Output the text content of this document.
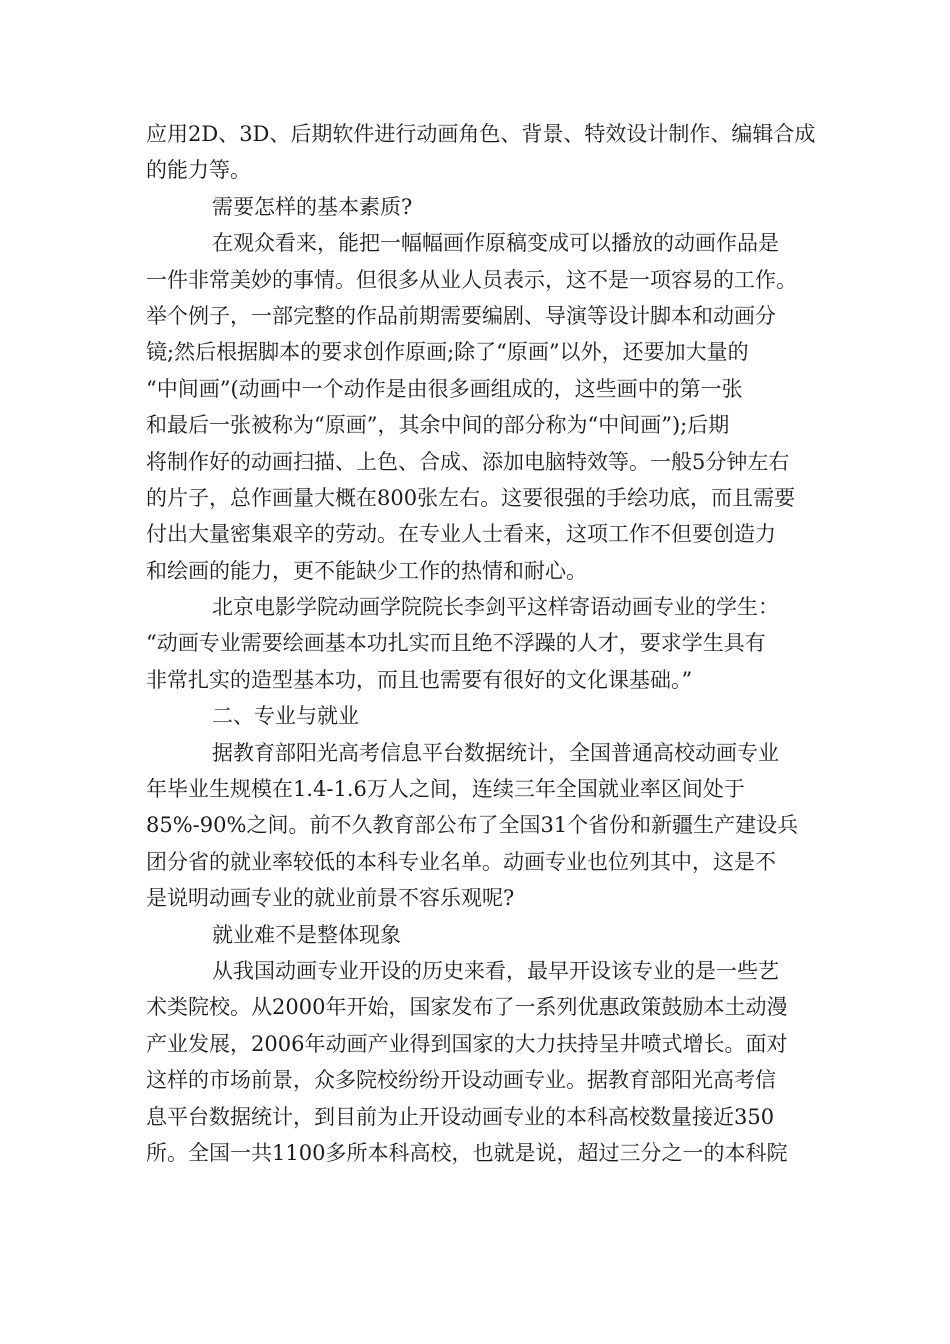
应用2D、3D、后期软件进行动画角色、背景、特效设计制作、编辑合成
的能力等。
需要怎样的基本素质?
在观众看来，能把一幅幅画作原稿变成可以播放的动画作品是
一件非常美妙的事情。但很多从业人员表示，这不是一项容易的工作。
举个例子，一部完整的作品前期需要编剧、导演等设计脚本和动画分
镜;然后根据脚本的要求创作原画;除了“原画”以外，还要加大量的
“中间画”(动画中一个动作是由很多画组成的，这些画中的第一张
和最后一张被称为“原画”，其余中间的部分称为“中间画”);后期
将制作好的动画扫描、上色、合成、添加电脑特效等。一般5分钟左右
的片子，总作画量大概在800张左右。这要很强的手绘功底，而且需要
付出大量密集艰辛的劳动。在专业人士看来，这项工作不但要创造力
和绘画的能力，更不能缺少工作的热情和耐心。
北京电影学院动画学院院长李剑平这样寄语动画专业的学生：
“动画专业需要绘画基本功扎实而且绝不浮躁的人才，要求学生具有
非常扎实的造型基本功，而且也需要有很好的文化课基础。”
二、专业与就业
据教育部阳光高考信息平台数据统计，全国普通高校动画专业
年毕业生规模在1.4-1.6万人之间，连续三年全国就业率区间处于
85%-90%之间。前不久教育部公布了全国31个省份和新疆生产建设兵
团分省的就业率较低的本科专业名单。动画专业也位列其中，这是不
是说明动画专业的就业前景不容乐观呢?
就业难不是整体现象
从我国动画专业开设的历史来看，最早开设该专业的是一些艺
术类院校。从2000年开始，国家发布了一系列优惠政策鼓励本土动漫
产业发展，2006年动画产业得到国家的大力扶持呈井喷式增长。面对
这样的市场前景，众多院校纷纷开设动画专业。据教育部阳光高考信
息平台数据统计，到目前为止开设动画专业的本科高校数量接近350
所。全国一共1100多所本科高校，也就是说，超过三分之一的本科院
